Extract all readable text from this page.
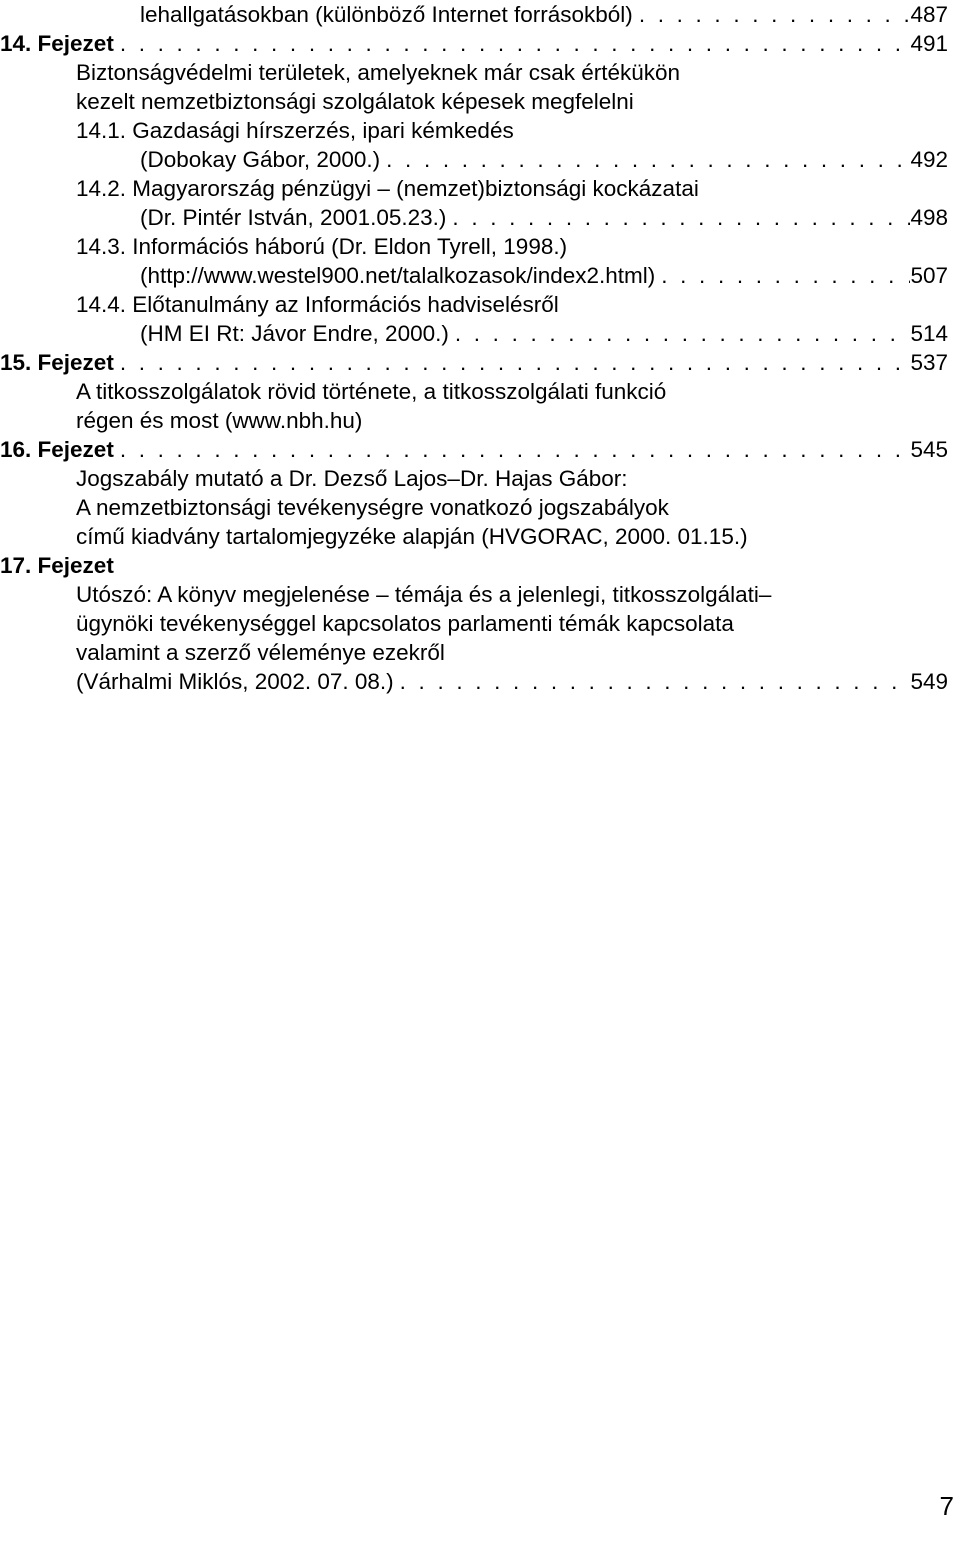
lehallgatásokban (különböző Internet forrásokból) . . .	487
14. Fejezet . . .	491
Biztonságvédelmi területek, amelyeknek már csak értékükön
kezelt nemzetbiztonsági szolgálatok képesek megfelelni
14.1. Gazdasági hírszerzés, ipari kémkedés
(Dobokay Gábor, 2000.) . . .	492
14.2. Magyarország pénzügyi – (nemzet)biztonsági kockázatai
(Dr. Pintér István, 2001.05.23.) . . .	498
14.3. Információs háború (Dr. Eldon Tyrell, 1998.)
(http://www.westel900.net/talalkozasok/index2.html) . . .	507
14.4. Előtanulmány az Információs hadviselésről
(HM EI Rt: Jávor Endre, 2000.) . . .	514
15. Fejezet . . .	537
A titkosszolgálatok rövid története, a titkosszolgálati funkció
régen és most (www.nbh.hu)
16. Fejezet . . .	545
Jogszabály mutató a Dr. Dezső Lajos–Dr. Hajas Gábor:
A nemzetbiztonsági tevékenységre vonatkozó jogszabályok
című kiadvány tartalomjegyzéke alapján (HVGORAC, 2000. 01.15.)
17. Fejezet
Utószó: A könyv megjelenése – témája és a jelenlegi, titkosszolgálati–
ügynöki tevékenységgel kapcsolatos parlamenti témák kapcsolata
valamint a szerző véleménye ezekről
(Várhalmi Miklós, 2002. 07. 08.) . . .	549
7
